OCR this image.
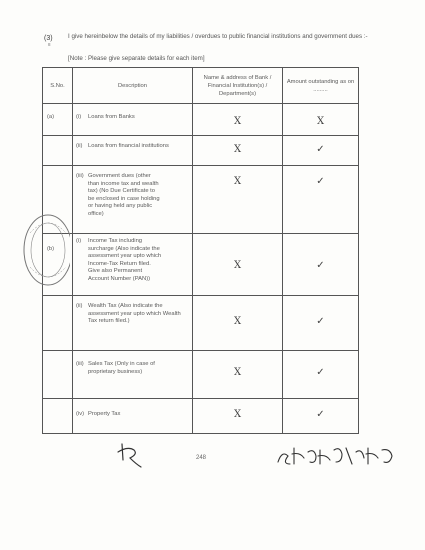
(3)
8
I give hereinbelow the details of my liabilities / overdues to public financial institutions and government dues :-
[Note : Please give separate details for each item]
S.No.	Description	Name & address of Bank / Financial Institution(s) / Department(s)	Amount outstanding as on .........

(a)	(i) Loans from Banks	X	X

	(ii) Loans from financial institutions	X	✓

	(iii) Government dues (other than income tax and wealth tax) (No Due Certificate to be enclosed in case holding or having held any public office)	X	✓

(b)	(i) Income Tax including surcharge (Also indicate the assessment year upto which Income-Tax Return filed. Give also Permanent Account Number (PAN))	X	✓

	(ii) Wealth Tax (Also indicate the assessment year upto which Wealth Tax return filed.)	X	✓

	(iii) Sales Tax (Only in case of proprietary business)	X	✓

	(iv) Property Tax	X	✓
248
